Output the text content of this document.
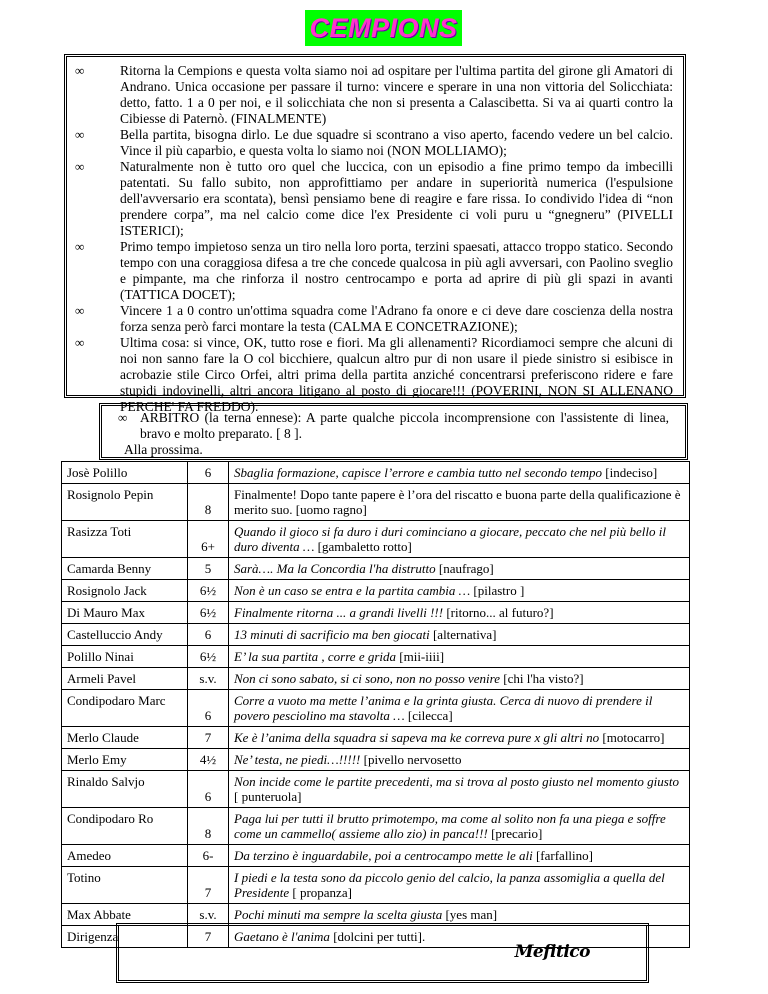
CEMPIONS
∞	Ritorna la Cempions e questa volta siamo noi ad ospitare per l'ultima partita del girone gli Amatori di Andrano. Unica occasione per passare il turno: vincere e sperare in una non vittoria del Solicchiata: detto, fatto. 1 a 0 per noi, e il solicchiata che non si presenta a Calascibetta. Si va ai quarti contro la Cibiesse di Paternò. (FINALMENTE)
∞	Bella partita, bisogna dirlo. Le due squadre si scontrano a viso aperto, facendo vedere un bel calcio. Vince il più caparbio, e questa volta lo siamo noi (NON MOLLIAMO);
∞	Naturalmente non è tutto oro quel che luccica, con un episodio a fine primo tempo da imbecilli patentati. Su fallo subito, non approfittiamo per andare in superiorità numerica (l'espulsione dell'avversario era scontata), bensì pensiamo bene di reagire e fare rissa. Io condivido l'idea di “non prendere corpa”, ma nel calcio come dice l'ex Presidente ci voli puru u “gnegneru” (PIVELLI ISTERICI);
∞	Primo tempo impietoso senza un tiro nella loro porta, terzini spaesati, attacco troppo statico. Secondo tempo con una coraggiosa difesa a tre che concede qualcosa in più agli avversari, con Paolino sveglio e pimpante, ma che rinforza il nostro centrocampo e porta ad aprire di più gli spazi in avanti (TATTICA DOCET);
∞	Vincere 1 a 0 contro un'ottima squadra come l'Adrano fa onore e ci deve dare coscienza della nostra forza senza però farci montare la testa (CALMA E CONCETRAZIONE);
∞	Ultima cosa: si vince, OK, tutto rose e fiori. Ma gli allenamenti? Ricordiamoci sempre che alcuni di noi non sanno fare la O col bicchiere, qualcun altro pur di non usare il piede sinistro si esibisce in acrobazie stile Circo Orfei, altri prima della partita anziché concentrarsi preferiscono ridere e fare stupidi indovinelli, altri ancora litigano al posto di giocare!!! (POVERINI, NON SI ALLENANO PERCHE' FA FREDDO).
∞ ARBITRO (la terna ennese): A parte qualche piccola incomprensione con l'assistente di linea, bravo e molto preparato. [ 8 ].
Alla prossima.
Josè Polillo	6	Sbaglia formazione, capisce l’errore e cambia tutto nel secondo tempo [indeciso]
Rosignolo Pepin	8	Finalmente! Dopo tante papere è l’ora del riscatto e buona parte della qualificazione è merito suo. [uomo ragno]
Rasizza Toti	6+	Quando il gioco si fa duro i duri cominciano a giocare, peccato che nel più bello il duro diventa … [gambaletto rotto]
Camarda Benny	5	Sarà…. Ma la Concordia l'ha distrutto [naufrago]
Rosignolo Jack	6½	Non è un caso se entra e la partita cambia … [pilastro ]
Di Mauro Max	6½	Finalmente ritorna ... a grandi livelli !!! [ritorno... al futuro?]
Castelluccio Andy	6	13 minuti di sacrificio ma ben giocati [alternativa]
Polillo Ninai	6½	E’ la sua partita , corre e grida [mii-iiii]
Armeli Pavel	s.v.	Non ci sono sabato, si ci sono, non no posso venire [chi l'ha visto?]
Condipodaro Marc	6	Corre a vuoto ma mette l’anima e la grinta giusta. Cerca di nuovo di prendere il povero pesciolino ma stavolta … [cilecca]
Merlo Claude	7	Ke è l’anima della squadra si sapeva ma ke correva pure x gli altri no [motocarro]
Merlo Emy	4½	Ne’ testa, ne piedi…!!!!! [pivello nervosetto
Rinaldo Salvjo	6	Non incide come le partite precedenti, ma si trova al posto giusto nel momento giusto [ punteruola]
Condipodaro Ro	8	Paga lui per tutti il brutto primotempo, ma come al solito non fa una piega e soffre come un cammello( assieme allo zio) in panca!!! [precario]
Amedeo	6-	Da terzino è inguardabile, poi a centrocampo mette le ali [farfallino]
Totino	7	I piedi e la testa sono da piccolo genio del calcio, la panza assomiglia a quella del Presidente [ propanza]
Max Abbate	s.v.	Pochi minuti ma sempre la scelta giusta [yes man]
Dirigenza	7	Gaetano è l'anima [dolcini per tutti].
Mefitico
